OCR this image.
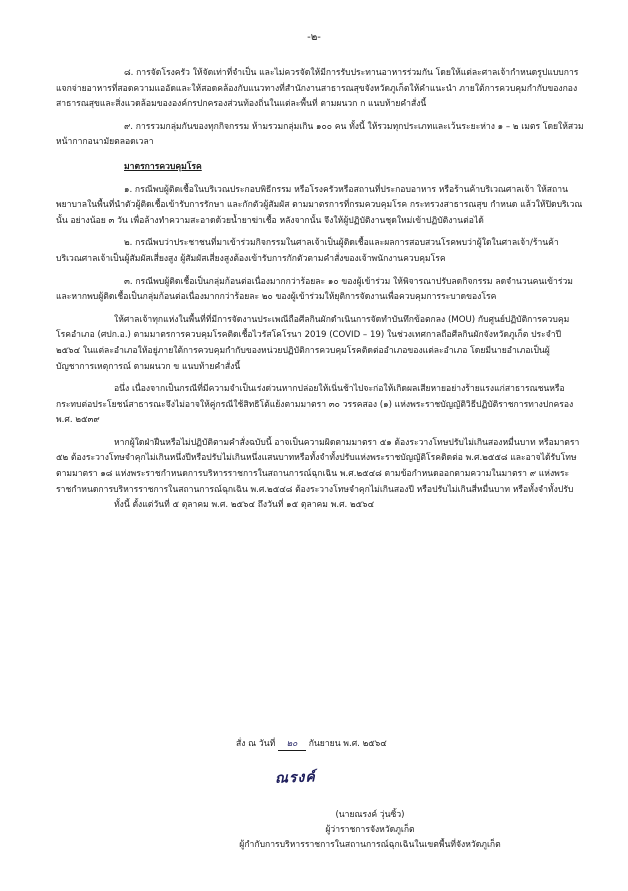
-๒-

๘. การจัดโรงครัว ให้จัดเท่าที่จำเป็น และไม่ควรจัดให้มีการรับประทานอาหารร่วมกัน โดยให้แต่ละศาลเจ้ากำหนดรูปแบบการแจกจ่ายอาหารที่สอดความแออัดและให้สอดคล้องกับแนวทางที่สำนักงานสาธารณสุขจังหวัดภูเก็ตให้คำแนะนำ ภายใต้การควบคุมกำกับของกองสาธารณสุขและสิ่งแวดล้อมขององค์กรปกครองส่วนท้องถิ่นในแต่ละพื้นที่ ตามผนวก ก แนบท้ายคำสั่งนี้

๙. การรวมกลุ่มกันของทุกกิจกรรม ห้ามรวมกลุ่มเกิน ๑๐๐ คน ทั้งนี้ ให้รวมทุกประเภทและเว้นระยะห่าง ๑ – ๒ เมตร โดยให้สวมหน้ากากอนามัยตลอดเวลา

มาตรการควบคุมโรค

๑. กรณีพบผู้ติดเชื้อในบริเวณประกอบพิธีกรรม หรือโรงครัวหรือสถานที่ประกอบอาหาร หรือร้านค้าบริเวณศาลเจ้า ให้สถานพยาบาลในพื้นที่นำตัวผู้ติดเชื้อเข้ารับการรักษา และกักตัวผู้สัมผัส ตามมาตรการที่กรมควบคุมโรค กระทรวงสาธารณสุข กำหนด แล้วให้ปิดบริเวณนั้น อย่างน้อย ๓ วัน เพื่อล้างทำความสะอาดด้วยน้ำยาฆ่าเชื้อ หลังจากนั้น จึงให้ผู้ปฏิบัติงานชุดใหม่เข้าปฏิบัติงานต่อได้

๒. กรณีพบว่าประชาชนที่มาเข้าร่วมกิจกรรมในศาลเจ้าเป็นผู้ติดเชื้อและผลการสอบสวนโรคพบว่าผู้ใดในศาลเจ้า/ร้านค้า บริเวณศาลเจ้าเป็นผู้สัมผัสเสี่ยงสูง ผู้สัมผัสเสี่ยงสูงต้องเข้ารับการกักตัวตามคำสั่งของเจ้าพนักงานควบคุมโรค

๓. กรณีพบผู้ติดเชื้อเป็นกลุ่มก้อนต่อเนื่องมากกว่าร้อยละ ๑๐ ของผู้เข้าร่วม ให้พิจารณาปรับลดกิจกรรม ลดจำนวนคนเข้าร่วม และหากพบผู้ติดเชื้อเป็นกลุ่มก้อนต่อเนื่องมากกว่าร้อยละ ๒๐ ของผู้เข้าร่วมให้ยุติการจัดงานเพื่อควบคุมการระบาดของโรค

ให้ศาลเจ้าทุกแห่งในพื้นที่ที่มีการจัดงานประเพณีถือศีลกินผักดำเนินการจัดทำบันทึกข้อตกลง (MOU) กับศูนย์ปฏิบัติการควบคุมโรคอำเภอ (ศปก.อ.) ตามมาตรการควบคุมโรคติดเชื้อไวรัสโคโรนา 2019 (COVID – 19) ในช่วงเทศกาลถือศีลกินผักจังหวัดภูเก็ต ประจำปี ๒๕๖๔ ในแต่ละอำเภอให้อยู่ภายใต้การควบคุมกำกับของหน่วยปฏิบัติการควบคุมโรคติดต่ออำเภอของแต่ละอำเภอ โดยมีนายอำเภอเป็นผู้บัญชาการเหตุการณ์ ตามผนวก ข แนบท้ายคำสั่งนี้

อนึ่ง เนื่องจากเป็นกรณีที่มีความจำเป็นเร่งด่วนหากปล่อยให้เนิ่นช้าไปจะก่อให้เกิดผลเสียหายอย่างร้ายแรงแก่สาธารณชนหรือกระทบต่อประโยชน์สาธารณะจึงไม่อาจให้คู่กรณีใช้สิทธิโต้แย้งตามมาตรา ๓๐ วรรคสอง (๑) แห่งพระราชบัญญัติวิธีปฏิบัติราชการทางปกครอง พ.ศ. ๒๕๓๙

หากผู้ใดฝ่าฝืนหรือไม่ปฏิบัติตามคำสั่งฉบับนี้ อาจเป็นความผิดตามมาตรา ๕๑ ต้องระวางโทษปรับไม่เกินสองหมื่นบาท หรือมาตรา ๕๒ ต้องระวางโทษจำคุกไม่เกินหนึ่งปีหรือปรับไม่เกินหนึ่งแสนบาทหรือทั้งจำทั้งปรับแห่งพระราชบัญญัติโรคติดต่อ พ.ศ.๒๕๕๘ และอาจได้รับโทษตามมาตรา ๑๘ แห่งพระราชกำหนดการบริหารราชการในสถานการณ์ฉุกเฉิน พ.ศ.๒๕๔๘ ตามข้อกำหนดออกตามความในมาตรา ๙ แห่งพระราชกำหนดการบริหารราชการในสถานการณ์ฉุกเฉิน พ.ศ.๒๕๔๘ ต้องระวางโทษจำคุกไม่เกินสองปี หรือปรับไม่เกินสี่หมื่นบาท หรือทั้งจำทั้งปรับ

ทั้งนี้ ตั้งแต่วันที่ ๕ ตุลาคม พ.ศ. ๒๕๖๔ ถึงวันที่ ๑๕ ตุลาคม พ.ศ. ๒๕๖๔

สั่ง ณ วันที่ ๒๐ กันยายน พ.ศ. ๒๕๖๔
ณรงค์
(นายณรงค์ วุ่นซิ้ว)
ผู้ว่าราชการจังหวัดภูเก็ต
ผู้กำกับการบริหารราชการในสถานการณ์ฉุกเฉินในเขตพื้นที่จังหวัดภูเก็ต
